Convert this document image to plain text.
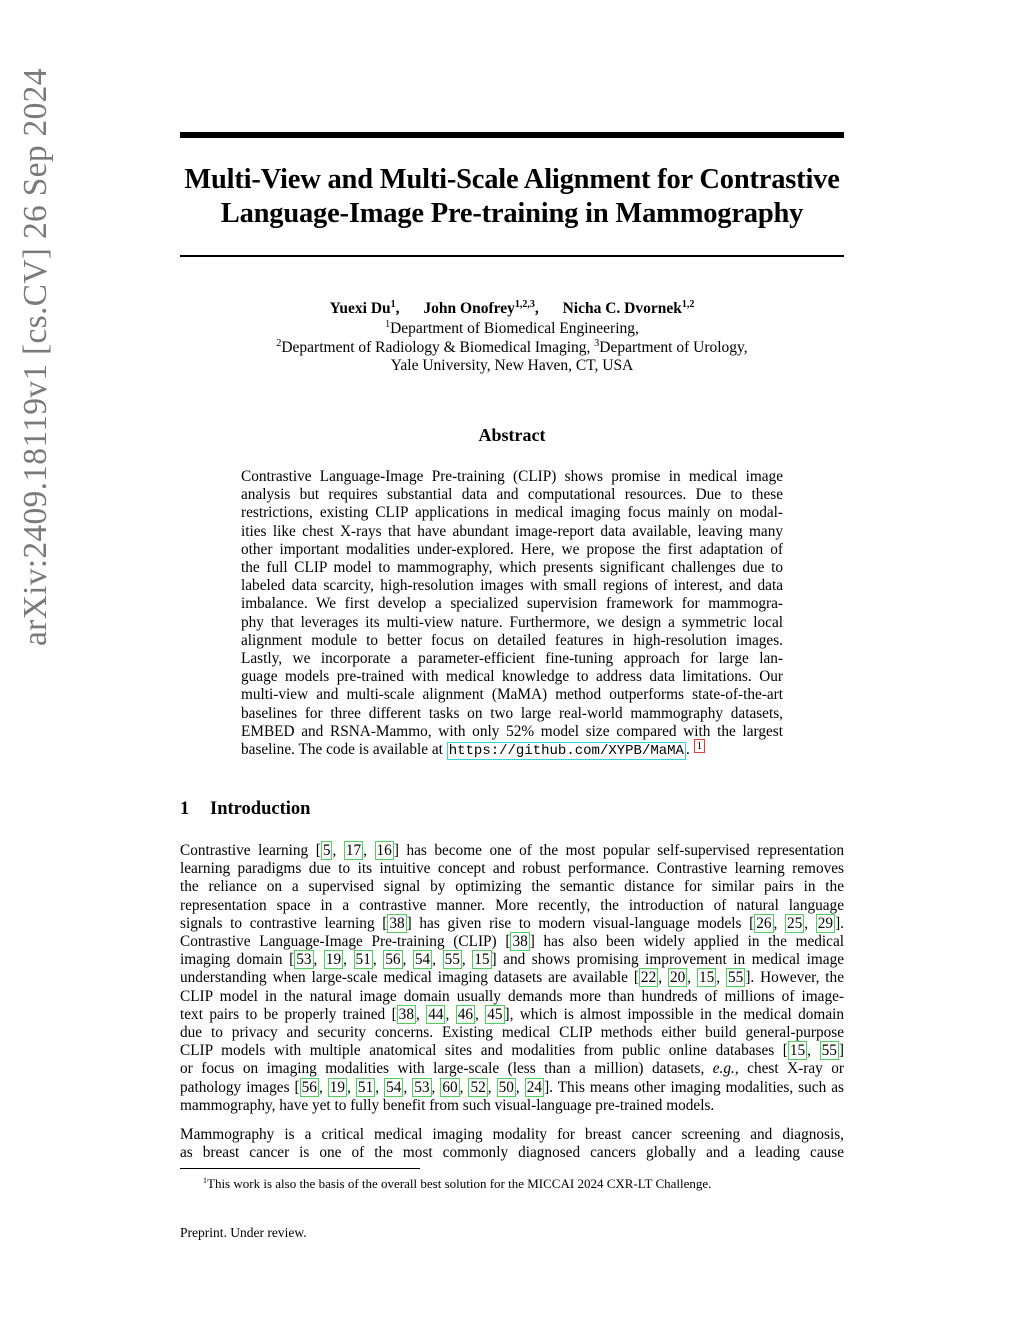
arXiv:2409.18119v1 [cs.CV] 26 Sep 2024	Multi-View and Multi-Scale Alignment for Contrastive
Language-Image Pre-training in Mammography
Yuexi Du$^1$, John Onofrey$^{1,2,3}$, Nicha C. Dvornek$^{1,2}$
$^1$Department of Biomedical Engineering,
$^2$Department of Radiology & Biomedical Imaging, $^3$Department of Urology,
Yale University, New Haven, CT, USA
Abstract
Contrastive Language-Image Pre-training (CLIP) shows promise in medical image
analysis but requires substantial data and computational resources. Due to these
restrictions, existing CLIP applications in medical imaging focus mainly on modal-
ities like chest X-rays that have abundant image-report data available, leaving many
other important modalities under-explored. Here, we propose the first adaptation of
the full CLIP model to mammography, which presents significant challenges due to
labeled data scarcity, high-resolution images with small regions of interest, and data
imbalance. We first develop a specialized supervision framework for mammogra-
phy that leverages its multi-view nature. Furthermore, we design a symmetric local
alignment module to better focus on detailed features in high-resolution images.
Lastly, we incorporate a parameter-efficient fine-tuning approach for large lan-
guage models pre-trained with medical knowledge to address data limitations. Our
multi-view and multi-scale alignment (MaMA) method outperforms state-of-the-art
baselines for three different tasks on two large real-world mammography datasets,
EMBED and RSNA-Mammo, with only 52% model size compared with the largest
baseline. The code is available at https://github.com/XYPB/MaMA . $^1$
1 Introduction
Contrastive learning [ 5 , 17 , 16 ] has become one of the most popular self-supervised representation
learning paradigms due to its intuitive concept and robust performance. Contrastive learning removes
the reliance on a supervised signal by optimizing the semantic distance for similar pairs in the
representation space in a contrastive manner. More recently, the introduction of natural language
signals to contrastive learning [ 38 ] has given rise to modern visual-language models [ 26 , 25 , 29 ].
Contrastive Language-Image Pre-training (CLIP) [ 38 ] has also been widely applied in the medical
imaging domain [ 53 , 19 , 51 , 56 , 54 , 55 , 15 ] and shows promising improvement in medical image
understanding when large-scale medical imaging datasets are available [ 22 , 20 , 15 , 55 ]. However, the
CLIP model in the natural image domain usually demands more than hundreds of millions of image-
text pairs to be properly trained [ 38 , 44 , 46 , 45 ], which is almost impossible in the medical domain
due to privacy and security concerns. Existing medical CLIP methods either build general-purpose
CLIP models with multiple anatomical sites and modalities from public online databases [ 15 , 55 ]
or focus on imaging modalities with large-scale (less than a million) datasets, e.g., chest X-ray or
pathology images [ 56 , 19 , 51 , 54 , 53 , 60 , 52 , 50 , 24 ]. This means other imaging modalities, such as
mammography, have yet to fully benefit from such visual-language pre-trained models.
Mammography is a critical medical imaging modality for breast cancer screening and diagnosis,
as breast cancer is one of the most commonly diagnosed cancers globally and a leading cause
$^1$This work is also the basis of the overall best solution for the MICCAI 2024 CXR-LT Challenge.
Preprint. Under review.
